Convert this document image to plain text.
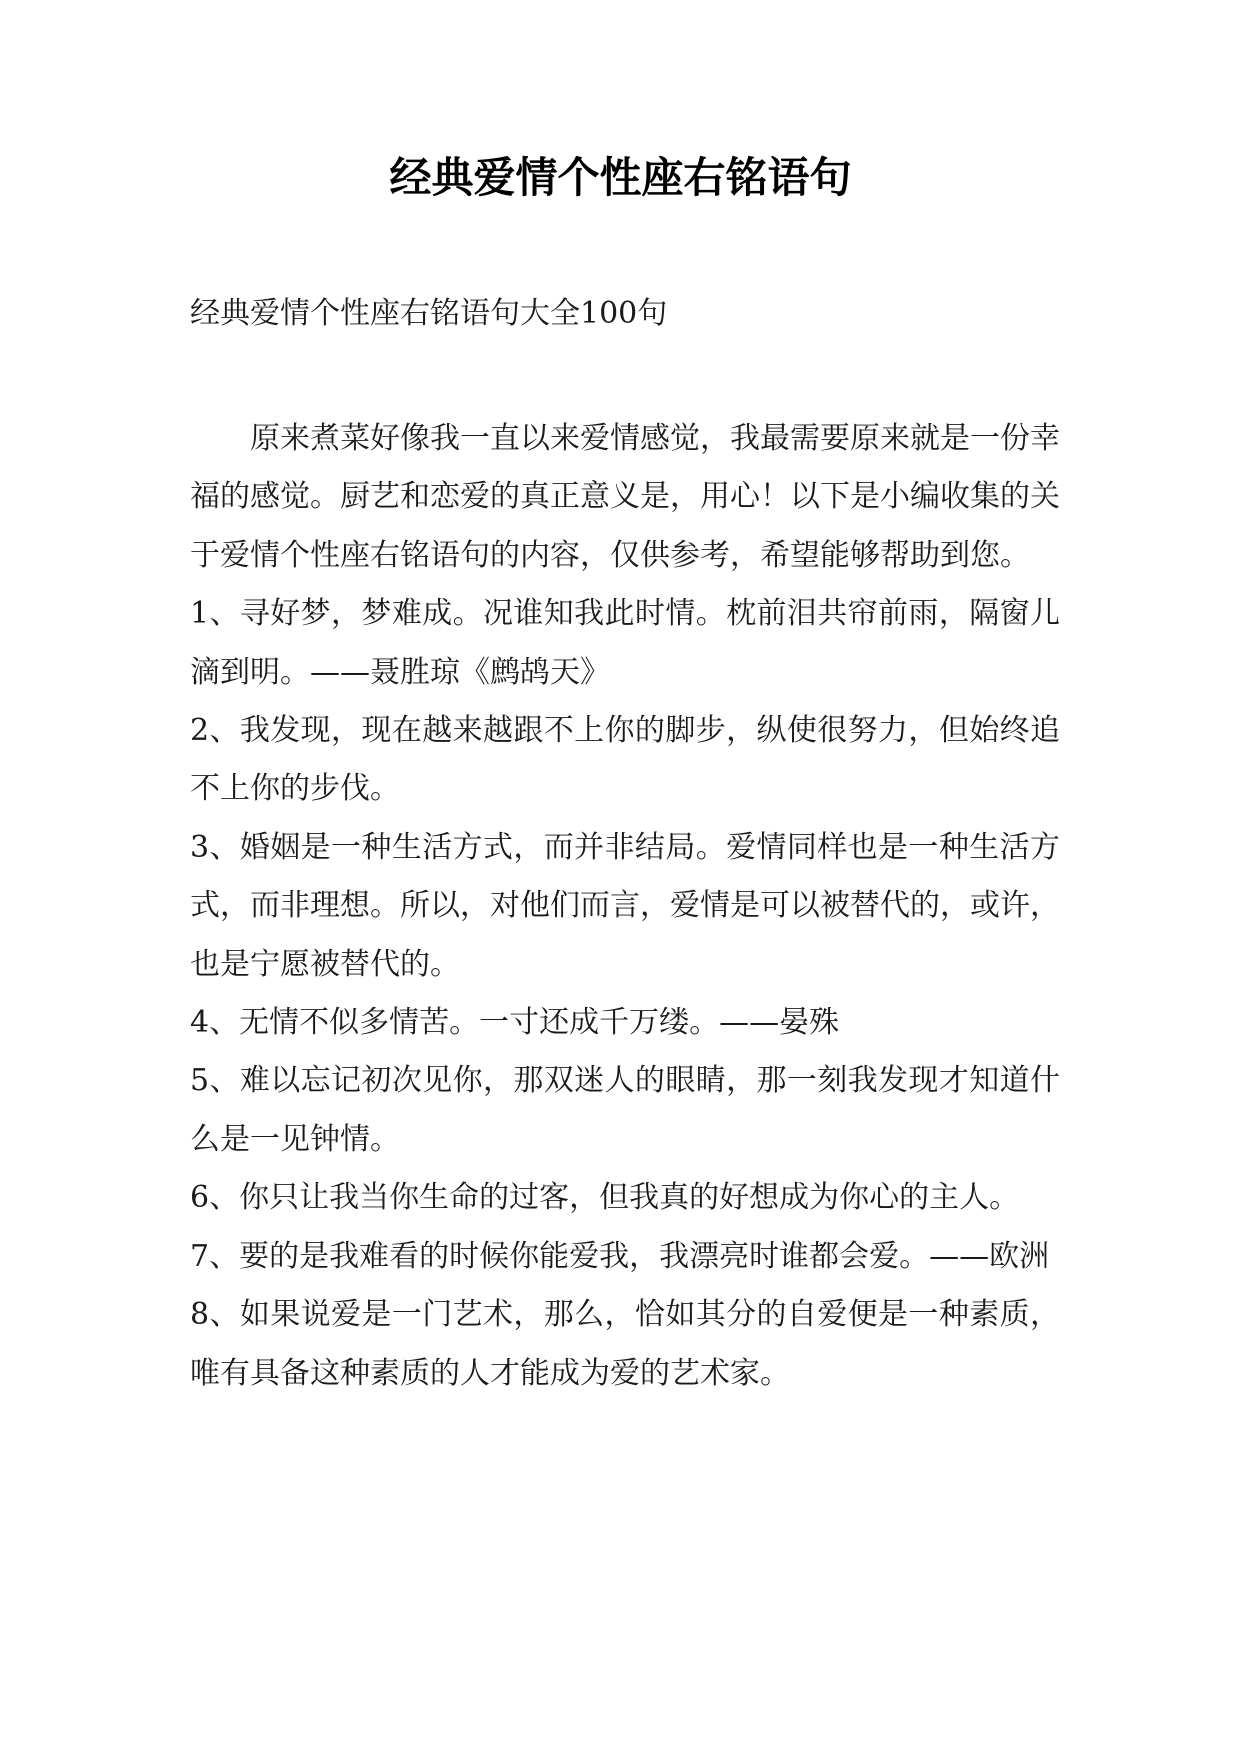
经典爱情个性座右铭语句
经典爱情个性座右铭语句大全100句

原来煮菜好像我一直以来爱情感觉，我最需要原来就是一份幸福的感觉。厨艺和恋爱的真正意义是，用心！以下是小编收集的关于爱情个性座右铭语句的内容，仅供参考，希望能够帮助到您。

1、寻好梦，梦难成。况谁知我此时情。枕前泪共帘前雨，隔窗儿滴到明。——聂胜琼《鹧鸪天》

2、我发现，现在越来越跟不上你的脚步，纵使很努力，但始终追不上你的步伐。

3、婚姻是一种生活方式，而并非结局。爱情同样也是一种生活方式，而非理想。所以，对他们而言，爱情是可以被替代的，或许，也是宁愿被替代的。

4、无情不似多情苦。一寸还成千万缕。——晏殊

5、难以忘记初次见你，那双迷人的眼睛，那一刻我发现才知道什么是一见钟情。

6、你只让我当你生命的过客，但我真的好想成为你心的主人。

7、要的是我难看的时候你能爱我，我漂亮时谁都会爱。——欧洲

8、如果说爱是一门艺术，那么，恰如其分的自爱便是一种素质，唯有具备这种素质的人才能成为爱的艺术家。
